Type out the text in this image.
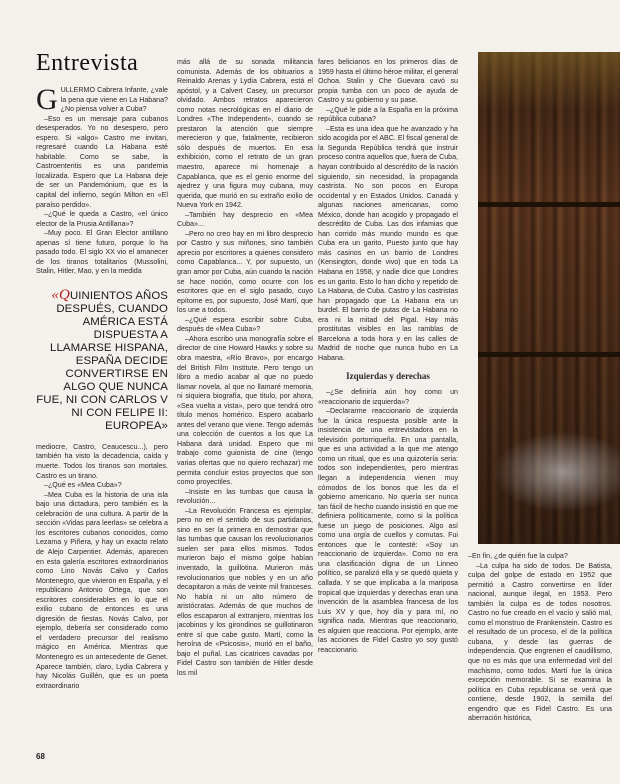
Entrevista

GULLERMO Cabrera Infante, ¿vale la pena que viene en La Habana? ¿No piensa volver a Cuba?

–Eso es un mensaje para cubanos desesperados. Yo no desespero, pero espero. Si «algo» Castro me invitan, regresaré cuando La Habana esté habitable. Como se sabe, la Castroenteritis es una pandemia localizada. Espero que La Habana deje de ser un Pandemónium, que es la capital del infierno, según Milton en «El paraíso perdido».

–¿Qué le queda a Castro, «el único elector de la Prusia Antillana»?

–Muy poco. El Gran Elector antillano apenas sí tiene futuro, porque lo ha pasado todo. El siglo XX vio el amanecer de los tiranos totalitarios (Mussolini, Stalin, Hitler, Mao, y en la medida

«QUINIENTOS AÑOS DESPUÉS, CUANDO AMÉRICA ESTÁ DISPUESTA A LLAMARSE HISPANA, ESPAÑA DECIDE CONVERTIRSE EN ALGO QUE NUNCA FUE, NI CON CARLOS V NI CON FELIPE II: EUROPEA»

mediocre, Castro, Ceaucescu...), pero también ha visto la decadencia, caída y muerte. Todos los tiranos son mortales. Castro es un tirano.

–¿Qué es «Mea Cuba»?

–Mea Cuba es la historia de una isla bajo una dictadura, pero también es la celebración de una cultura. A partir de la sección «Vidas para leerlas» se celebra a los escritores cubanos conocidos, como Lezama y Piñera, y hay un exacto relato de Alejo Carpentier. Además, aparecen en esta galería escritores extraordinarios como Lino Novás Calvo y Carlos Montenegro, que vivieron en España, y el republicano Antonio Ortega, que son escritores considerables en lo que el exilio cubano de entonces es una digresión de fiestas. Novás Calvo, por ejemplo, debería ser considerado como el verdadero precursor del realismo mágico en América. Mientras que Montenegro es un antecedente de Genet. Aparece también, claro, Lydia Cabrera y hay Nicolás Guillén, que es un poeta extraordinario

más allá de su sonada militancia comunista. Además de los obituarios a Reinaldo Arenas y Lydia Cabrera, está el apóstol, y a Calvert Casey, un precursor olvidado. Ambos retratos aparecieron como notas necrológicas en el diario de Londres «The Independent», cuando se prestaron la atención que siempre merecieron y que, fatalmente, recibieron sólo después de muertos. En esa exhibición, como el retrato de un gran maestro, aparece mi homenaje a Capablanca, que es el genio enorme del ajedrez y una figura muy cubana, muy querida, que murió en su extraño exilio de Nueva York en 1942.

–También hay desprecio en «Mea Cuba»...

–Pero no creo hay en mi libro desprecio por Castro y sus miñones, sino también aprecio por escritores a quienes considero como Capablanca... Y, por supuesto, un gran amor por Cuba, aún cuando la nación se hace noción, como ocurre con los escritores que en el siglo pasado, cuyo epítome es, por supuesto, José Martí, que los une a todos.

–¿Qué espera escribir sobre Cuba, después de «Mea Cuba»?

–Ahora escribo una monografía sobre el director de cine Howard Hawks y sobre su obra maestra, «Río Bravo», por encargo del British Film Institute. Pero tengo un libro a medio acabar al que no puedo llamar novela, al que no llamaré memoria, ni siquiera biografía, que titulo, por ahora, «Sea vuelta a vista», pero que tendrá otro título menos homérico. Espero acabarlo antes del verano que viene. Tengo además una colección de cuentos a los que La Habana dará unidad. Espero que mi trabajo como guionista de cine (tengo varias ofertas que no quiero rechazar) me permita concluir estos proyectos que son como proyectiles.

–Insiste en las tumbas que causa la revolución...

–La Revolución Francesa es ejemplar, pero no en el sentido de sus partidarios, sino en ser la primera en demostrar que las tumbas que causan los revolucionarios suelen ser para ellos mismos. Todos murieron bajo el mismo golpe habían inventado, la guillotina. Murieron más revolucionarios que nobles y en un año decapitaron a más de veinte mil franceses. No había ni un alto número de aristócratas. Además de que muchos de ellos escaparon al extranjero, mientras los jacobinos y los girondinos se guillotinaron entre sí que cabe gusto. Martí, como la heroína de «Psicosis», murió en el baño, bajo el puñal. Las cicatrices cavadas por Fidel Castro son también de Hitler desde los mil

fares belicianos en los primeros días de 1959 hasta el último héroe militar, el general Ochoa. Stalin y Che Guevara cavó su propia tumba con un poco de ayuda de Castro y su gobierno y su pase.

–¿Qué le pide a la España en la próxima república cubana?

–Esta es una idea que he avanzado y ha sido acogida por el ABC. El fiscal general de la Segunda República tendrá que instruir proceso contra aquellos que, fuera de Cuba, hayan contribuido al descrédito de la nación siguiendo, sin necesidad, la propaganda castrista. No son pocos en Europa occidental y en Estados Unidos. Canadá y algunas naciones americanas, como México, donde han acogido y propagado el descrédito de Cuba. Las dos infamias que han corrido más mundo mundo es que Cuba era un garito, Puesto junto que hay más casinos en un barrio de Londres (Kensington, donde vivo) que en toda La Habana en 1958, y nadie dice que Londres es un garito. Esto lo han dicho y repetido de La Habana, de Cuba. Castro y los castristas han propagado que La Habana era un burdel. El barrio de putas de La Habana no era ni la mitad del Pigal. Hay más prostitutas visibles en las ramblas de Barcelona a toda hora y en las calles de Madrid de noche que nunca hubo en La Habana.

Izquierdas y derechas

–¿Se definiría aún hoy como un «reaccionario de izquierda»?

–Declararme reaccionario de izquierda fue la única respuesta posible ante la insistencia de una entrevistadora en la televisión portorriqueña. En una pantalla, que es una actividad a la que me atengo como un ritual, que es una quizotería seria: todos son independientes, pero mientras llegan a independencia vienen muy cómodos de los bonos que les da el gobierno americano. No quería ser nunca tan fácil de hecho cuando insistió en que me definiera políticamente, como si la política fuese un juego de posiciones. Algo así como una orgía de cuellos y comutas. Fui entonces que le contesté: «Soy un reaccionario de izquierda». Como no era una clasificación digna de un Linneo político, se paralizó ella y se quedó quieta y callada. Y se que implicaba a la mariposa tropical que izquierdas y derechas eran una invención de la asamblea francesa de los Luis XV y que, hoy día y para mí, no significa nada. Mientras que reaccionario, es alguien que reacciona. Por ejemplo, ante las acciones de Fidel Castro yo soy gustó reaccionario.

–En fin, ¿de quién fue la culpa?

–La culpa ha sido de todos. De Batista, culpa del golpe de estado en 1952 que permitió a Castro convertirse en líder nacional, aunque ilegal, en 1953. Pero también la culpa es de todos nosotros. Castro no fue creado en el vacío y salió mal, como el monstruo de Frankenstein. Castro es el resultado de un proceso, el de la política cubana, y desde las guerras de independencia. Que engrenen el caudillismo, que no es más que una enfermedad viril del machismo, como todos. Martí fue la única excepción memorable. Si se examina la política en Cuba republicana se verá que contiene, desde 1902, la semilla del engendro que es Fidel Castro. Es una aberración histórica,

68
